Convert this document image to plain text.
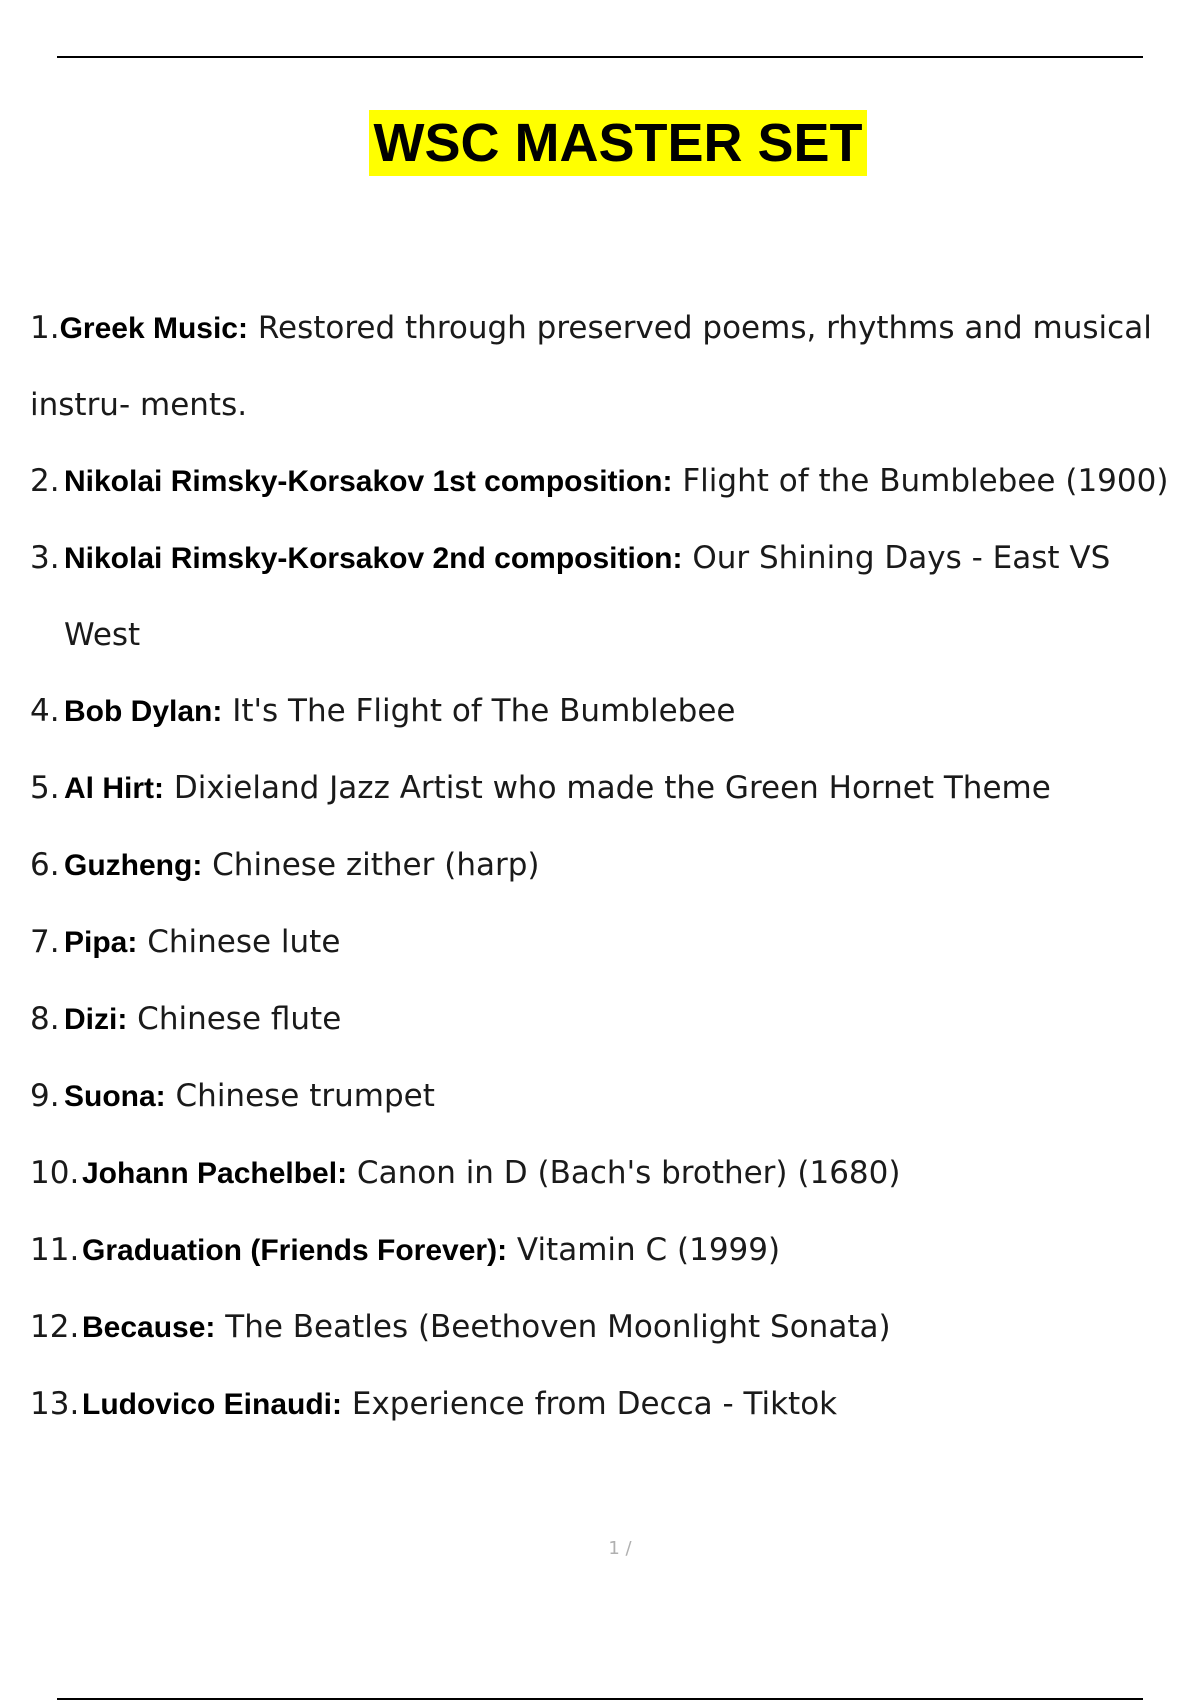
WSC MASTER SET
1.Greek Music: Restored through preserved poems, rhythms and musical instru- ments.
2. Nikolai Rimsky-Korsakov 1st composition: Flight of the Bumblebee (1900)
3. Nikolai Rimsky-Korsakov 2nd composition: Our Shining Days - East VS West
4. Bob Dylan: It's The Flight of The Bumblebee
5. Al Hirt: Dixieland Jazz Artist who made the Green Hornet Theme
6. Guzheng: Chinese zither (harp)
7. Pipa: Chinese lute
8. Dizi: Chinese flute
9. Suona: Chinese trumpet
10. Johann Pachelbel: Canon in D (Bach's brother) (1680)
11. Graduation (Friends Forever): Vitamin C (1999)
12. Because: The Beatles (Beethoven Moonlight Sonata)
13. Ludovico Einaudi: Experience from Decca - Tiktok
1 /
